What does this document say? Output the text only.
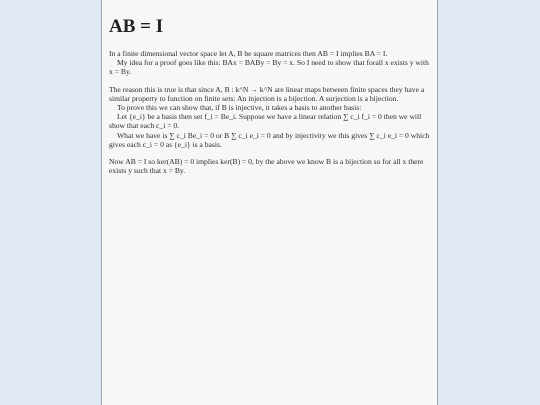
AB = I

In a finite dimensional vector space let A, B be square matrices then AB = I implies BA = I.

My idea for a proof goes like this: BAx = BABy = By = x. So I need to show that forall x exists y with x = By.

The reason this is true is that since A, B : k^N → k^N are linear maps between finite spaces they have a similar property to function on finite sets: An injection is a bijection. A surjection is a bijection.

To prove this we can show that, if B is injective, it takes a basis to another basis:

Let {e_i} be a basis then set f_i = Be_i. Suppose we have a linear relation ∑ c_i f_i = 0 then we will show that each c_i = 0.

What we have is ∑ c_i Be_i = 0 or B ∑ c_i e_i = 0 and by injectivity we this gives ∑ c_i e_i = 0 which gives each c_i = 0 as {e_i} is a basis.

Now AB = I so ker(AB) = 0 implies ker(B) = 0, by the above we know B is a bijection so for all x there exists y such that x = By.
